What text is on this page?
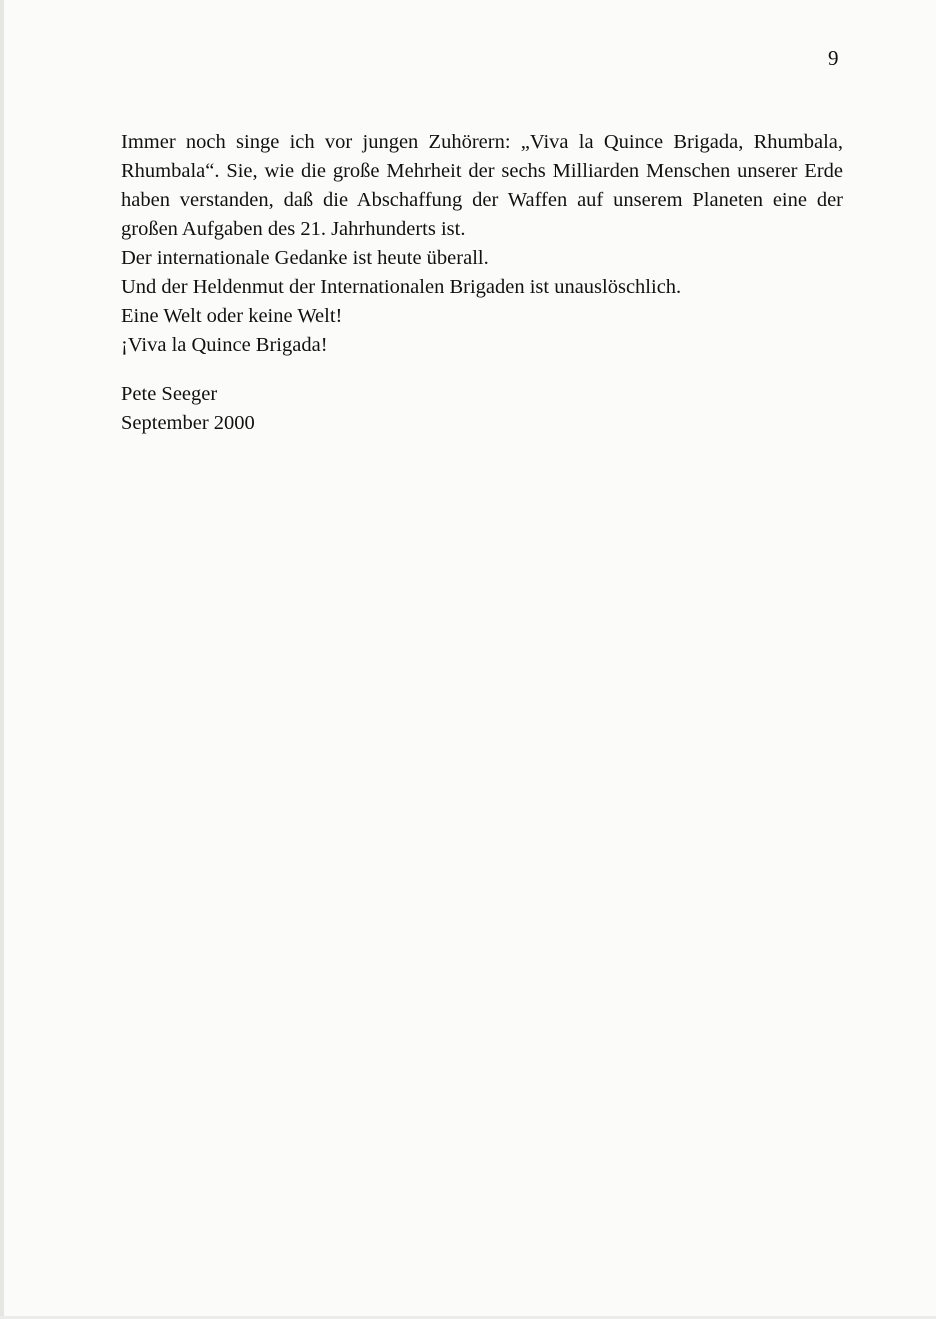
9

Immer noch singe ich vor jungen Zuhörern: „Viva la Quince Brigada, Rhumbala, Rhumbala“. Sie, wie die große Mehrheit der sechs Milliarden Menschen unserer Erde haben verstanden, daß die Abschaffung der Waffen auf unserem Planeten eine der großen Aufgaben des 21. Jahrhunderts ist.

Der internationale Gedanke ist heute überall.

Und der Heldenmut der Internationalen Brigaden ist unauslöschlich.

Eine Welt oder keine Welt!

¡Viva la Quince Brigada!

Pete Seeger

September 2000
